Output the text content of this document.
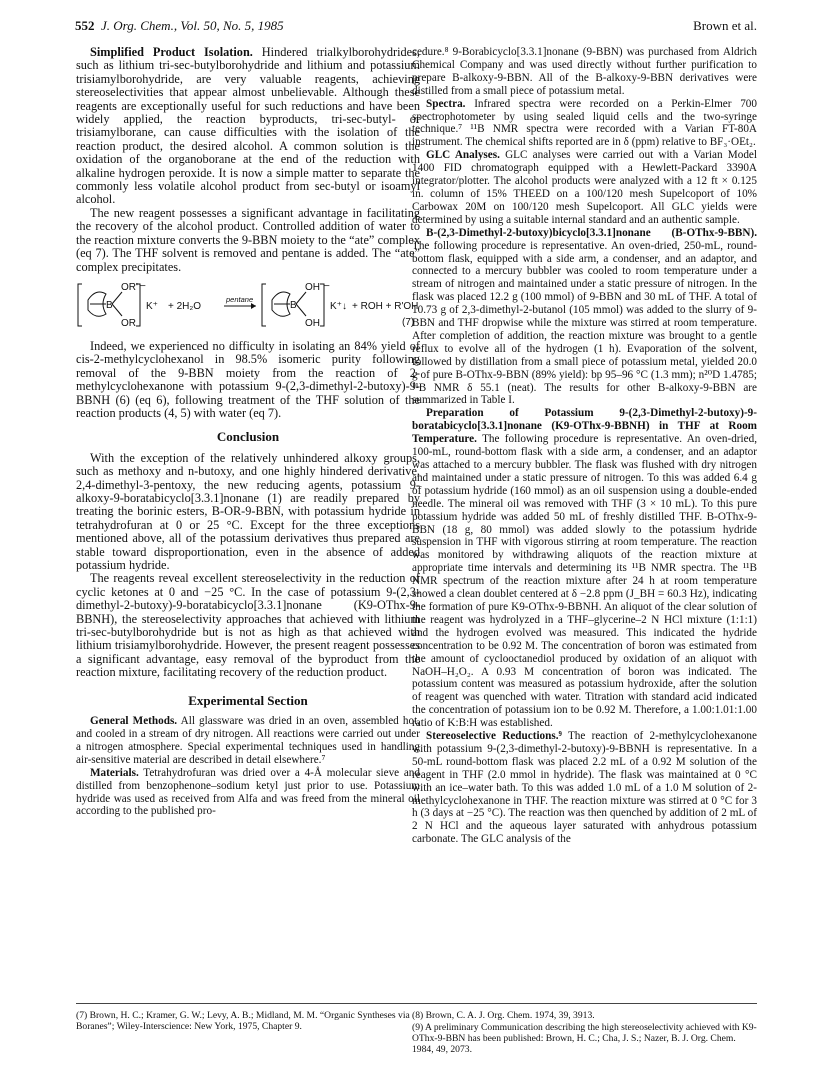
552 J. Org. Chem., Vol. 50, No. 5, 1985	Brown et al.

Simplified Product Isolation. Hindered trialkylborohydrides, such as lithium tri-sec-butylborohydride and lithium and potassium trisiamylborohydride, are very valuable reagents, achieving stereoselectivities that appear almost unbelievable. Although these reagents are exceptionally useful for such reductions and have been widely applied, the reaction byproducts, tri-sec-butyl- or trisiamylborane, can cause difficulties with the isolation of the reaction product, the desired alcohol. A common solution is the oxidation of the organoborane at the end of the reduction with alkaline hydrogen peroxide. It is now a simple matter to separate the commonly less volatile alcohol product from sec-butyl or isoamyl alcohol.

The new reagent possesses a significant advantage in facilitating the recovery of the alcohol product. Controlled addition of water to the reaction mixture converts the 9-BBN moiety to the “ate” complex (eq 7). The THF solvent is removed and pentane is added. The “ate” complex precipitates.

OR'
OR
B
−
K⁺ + 2H₂O
pentane
OH
OH
B
−
K⁺↓ + ROH + R'OH
(7)

Indeed, we experienced no difficulty in isolating an 84% yield of cis-2-methylcyclohexanol in 98.5% isomeric purity following removal of the 9-BBN moiety from the reaction of 2-methylcyclohexanone with potassium 9-(2,3-dimethyl-2-butoxy)-9-BBNH (6) (eq 6), following treatment of the THF solution of the reaction products (4, 5) with water (eq 7).

Conclusion

With the exception of the relatively unhindered alkoxy groups, such as methoxy and n-butoxy, and one highly hindered derivative, 2,4-dimethyl-3-pentoxy, the new reducing agents, potassium 9-alkoxy-9-boratabicyclo[3.3.1]nonane (1) are readily prepared by treating the borinic esters, B-OR-9-BBN, with potassium hydride in tetrahydrofuran at 0 or 25 °C. Except for the three exceptions mentioned above, all of the potassium derivatives thus prepared are stable toward disproportionation, even in the absence of added potassium hydride.

The reagents reveal excellent stereoselectivity in the reduction of cyclic ketones at 0 and −25 °C. In the case of potassium 9-(2,3-dimethyl-2-butoxy)-9-boratabicyclo[3.3.1]nonane (K9-OThx-9-BBNH), the stereoselectivity approaches that achieved with lithium tri-sec-butylborohydride but is not as high as that achieved with lithium trisiamylborohydride. However, the present reagent possesses a significant advantage, easy removal of the byproduct from the reaction mixture, facilitating recovery of the reduction product.

Experimental Section

General Methods. All glassware was dried in an oven, assembled hot, and cooled in a stream of dry nitrogen. All reactions were carried out under a nitrogen atmosphere. Special experimental techniques used in handling air-sensitive material are described in detail elsewhere.⁷

Materials. Tetrahydrofuran was dried over a 4-Å molecular sieve and distilled from benzophenone–sodium ketyl just prior to use. Potassium hydride was used as received from Alfa and was freed from the mineral oil according to the published pro-

cedure.⁸ 9-Borabicyclo[3.3.1]nonane (9-BBN) was purchased from Aldrich Chemical Company and was used directly without further purification to prepare B-alkoxy-9-BBN. All of the B-alkoxy-9-BBN derivatives were distilled from a small piece of potassium metal.

Spectra. Infrared spectra were recorded on a Perkin-Elmer 700 spectrophotometer by using sealed liquid cells and the two-syringe technique.⁷ ¹¹B NMR spectra were recorded with a Varian FT-80A instrument. The chemical shifts reported are in δ (ppm) relative to BF₃·OEt₂.

GLC Analyses. GLC analyses were carried out with a Varian Model 1400 FID chromatograph equipped with a Hewlett-Packard 3390A integrator/plotter. The alcohol products were analyzed with a 12 ft × 0.125 in. column of 15% THEED on a 100/120 mesh Supelcoport of 10% Carbowax 20M on 100/120 mesh Supelcoport. All GLC yields were determined by using a suitable internal standard and an authentic sample.

B-(2,3-Dimethyl-2-butoxy)bicyclo[3.3.1]nonane (B-OThx-9-BBN). The following procedure is representative. An oven-dried, 250-mL, round-bottom flask, equipped with a side arm, a condenser, and an adaptor, and connected to a mercury bubbler was cooled to room temperature under a stream of nitrogen and maintained under a static pressure of nitrogen. In the flask was placed 12.2 g (100 mmol) of 9-BBN and 30 mL of THF. A total of 10.73 g of 2,3-dimethyl-2-butanol (105 mmol) was added to the slurry of 9-BBN and THF dropwise while the mixture was stirred at room temperature. After completion of addition, the reaction mixture was brought to a gentle reflux to evolve all of the hydrogen (1 h). Evaporation of the solvent, followed by distillation from a small piece of potassium metal, yielded 20.0 g of pure B-OThx-9-BBN (89% yield): bp 95–96 °C (1.3 mm); n²⁰D 1.4785; ¹¹B NMR δ 55.1 (neat). The results for other B-alkoxy-9-BBN are summarized in Table I.

Preparation of Potassium 9-(2,3-Dimethyl-2-butoxy)-9-boratabicyclo[3.3.1]nonane (K9-OThx-9-BBNH) in THF at Room Temperature. The following procedure is representative. An oven-dried, 100-mL, round-bottom flask with a side arm, a condenser, and an adaptor was attached to a mercury bubbler. The flask was flushed with dry nitrogen and maintained under a static pressure of nitrogen. To this was added 6.4 g of potassium hydride (160 mmol) as an oil suspension using a double-ended needle. The mineral oil was removed with THF (3 × 10 mL). To this pure potassium hydride was added 50 mL of freshly distilled THF. B-OThx-9-BBN (18 g, 80 mmol) was added slowly to the potassium hydride suspension in THF with vigorous stirring at room temperature. The reaction was monitored by withdrawing aliquots of the reaction mixture at appropriate time intervals and determining its ¹¹B NMR spectra. The ¹¹B NMR spectrum of the reaction mixture after 24 h at room temperature showed a clean doublet centered at δ −2.8 ppm (J_BH = 60.3 Hz), indicating the formation of pure K9-OThx-9-BBNH. An aliquot of the clear solution of the reagent was hydrolyzed in a THF–glycerine–2 N HCl mixture (1:1:1) and the hydrogen evolved was measured. This indicated the hydride concentration to be 0.92 M. The concentration of boron was estimated from the amount of cyclooctanediol produced by oxidation of an aliquot with NaOH–H₂O₂. A 0.93 M concentration of boron was indicated. The potassium content was measured as potassium hydroxide, after the solution of reagent was quenched with water. Titration with standard acid indicated the concentration of potassium ion to be 0.92 M. Therefore, a 1.00:1.01:1.00 ratio of K:B:H was established.

Stereoselective Reductions.⁹ The reaction of 2-methylcyclohexanone with potassium 9-(2,3-dimethyl-2-butoxy)-9-BBNH is representative. In a 50-mL round-bottom flask was placed 2.2 mL of a 0.92 M solution of the reagent in THF (2.0 mmol in hydride). The flask was maintained at 0 °C with an ice–water bath. To this was added 1.0 mL of a 1.0 M solution of 2-methylcyclohexanone in THF. The reaction mixture was stirred at 0 °C for 3 h (3 days at −25 °C). The reaction was then quenched by addition of 2 mL of 2 N HCl and the aqueous layer saturated with anhydrous potassium carbonate. The GLC analysis of the

(7) Brown, H. C.; Kramer, G. W.; Levy, A. B.; Midland, M. M. “Organic Syntheses via Boranes”; Wiley-Interscience: New York, 1975, Chapter 9.

(8) Brown, C. A. J. Org. Chem. 1974, 39, 3913.

(9) A preliminary Communication describing the high stereoselectivity achieved with K9-OThx-9-BBN has been published: Brown, H. C.; Cha, J. S.; Nazer, B. J. Org. Chem. 1984, 49, 2073.
